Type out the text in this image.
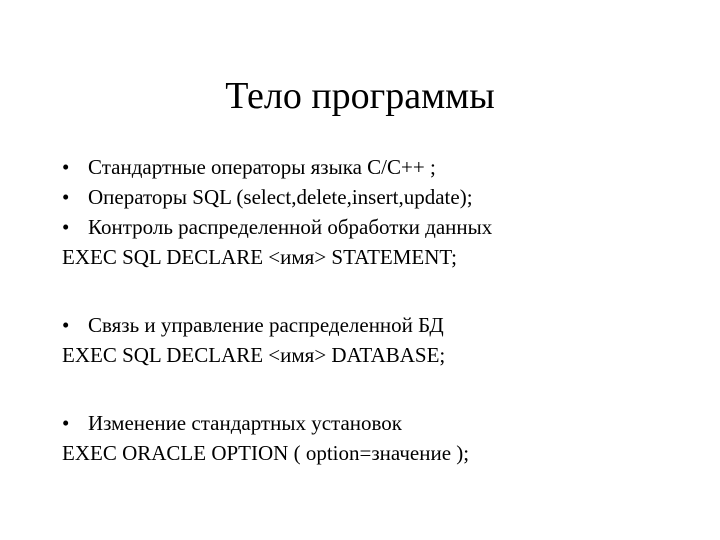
Тело программы
• Стандартные операторы языка C/C++ ;
• Операторы SQL (select,delete,insert,update);
• Контроль распределенной обработки данных
EXEC SQL DECLARE <имя> STATEMENT;
• Связь и управление распределенной БД
EXEC SQL DECLARE <имя> DATABASE;
• Изменение стандартных установок
EXEC ORACLE OPTION ( option=значение );
